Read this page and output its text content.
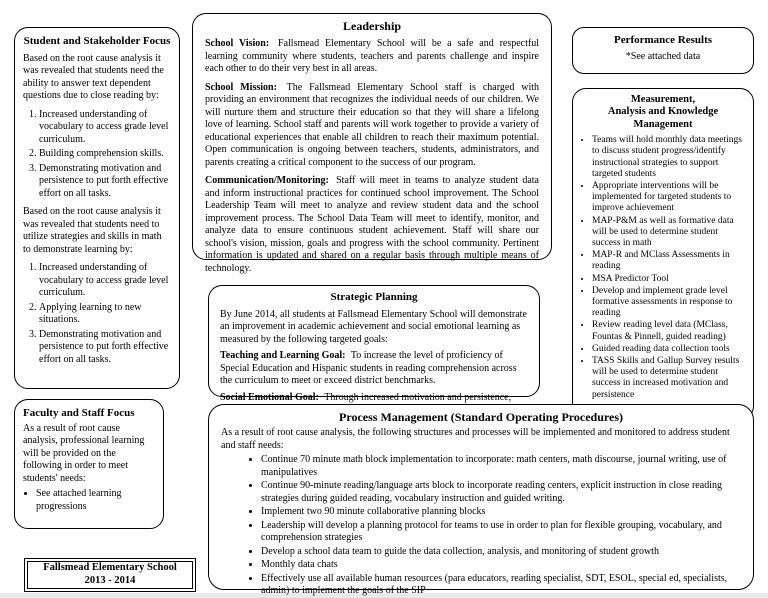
Student and Stakeholder Focus

Based on the root cause analysis it was revealed that students need the ability to answer text dependent questions due to close reading by:

1. Increased understanding of vocabulary to access grade level curriculum.
2. Building comprehension skills.
3. Demonstrating motivation and persistence to put forth effective effort on all tasks.

Based on the root cause analysis it was revealed that students need to utilize strategies and skills in math to demonstrate learning by:

1. Increased understanding of vocabulary to access grade level curriculum.
2. Applying learning to new situations.
3. Demonstrating motivation and persistence to put forth effective effort on all tasks.
Leadership

School Vision: Fallsmead Elementary School will be a safe and respectful learning community where students, teachers and parents challenge and inspire each other to do their very best in all areas.

School Mission: The Fallsmead Elementary School staff is charged with providing an environment that recognizes the individual needs of our children. We will nurture them and structure their education so that they will share a lifelong love of learning. School staff and parents will work together to provide a variety of educational experiences that enable all children to reach their maximum potential. Open communication is ongoing between teachers, students, administrators, and parents creating a critical component to the success of our program.

Communication/Monitoring: Staff will meet in teams to analyze student data and inform instructional practices for continued school improvement. The School Leadership Team will meet to analyze and review student data and the school improvement process. The School Data Team will meet to identify, monitor, and analyze data to ensure continuous student achievement. Staff will share our school's vision, mission, goals and progress with the school community. Pertinent information is updated and shared on a regular basis through multiple means of technology.

Performance Results
*See attached data
Measurement,
Analysis and Knowledge
Management
• Teams will hold monthly data meetings to discuss student progress/identify instructional strategies to support targeted students
• Appropriate interventions will be implemented for targeted students to improve achievement
• MAP-P&M as well as formative data will be used to determine student success in math
• MAP-R and MClass Assessments in reading
• MSA Predictor Tool
• Develop and implement grade level formative assessments in response to reading
• Review reading level data (MClass, Fountas & Pinnell, guided reading)
• Guided reading data collection tools
• TASS Skills and Gallup Survey results will be used to determine student success in increased motivation and persistence
Strategic Planning

By June 2014, all students at Fallsmead Elementary School will demonstrate an improvement in academic achievement and social emotional learning as measured by the following targeted goals:

Teaching and Learning Goal: To increase the level of proficiency of Special Education and Hispanic students in reading comprehension across the curriculum to meet or exceed district benchmarks.

Social Emotional Goal: Through increased motivation and persistence,

Faculty and Staff Focus

As a result of root cause analysis, professional learning will be provided on the following in order to meet students' needs:

• See attached learning progressions
Fallsmead Elementary School
2013 - 2014
Process Management (Standard Operating Procedures)

As a result of root cause analysis, the following structures and processes will be implemented and monitored to address student and staff needs:

• Continue 70 minute math block implementation to incorporate: math centers, math discourse, journal writing, use of manipulatives
• Continue 90-minute reading/language arts block to incorporate reading centers, explicit instruction in close reading strategies during guided reading, vocabulary instruction and guided writing.
• Implement two 90 minute collaborative planning blocks
• Leadership will develop a planning protocol for teams to use in order to plan for flexible grouping, vocabulary, and comprehension strategies
• Develop a school data team to guide the data collection, analysis, and monitoring of student growth
• Monthly data chats
• Effectively use all available human resources (para educators, reading specialist, SDT, ESOL, special ed, specialists, admin) to implement the goals of the SIP
